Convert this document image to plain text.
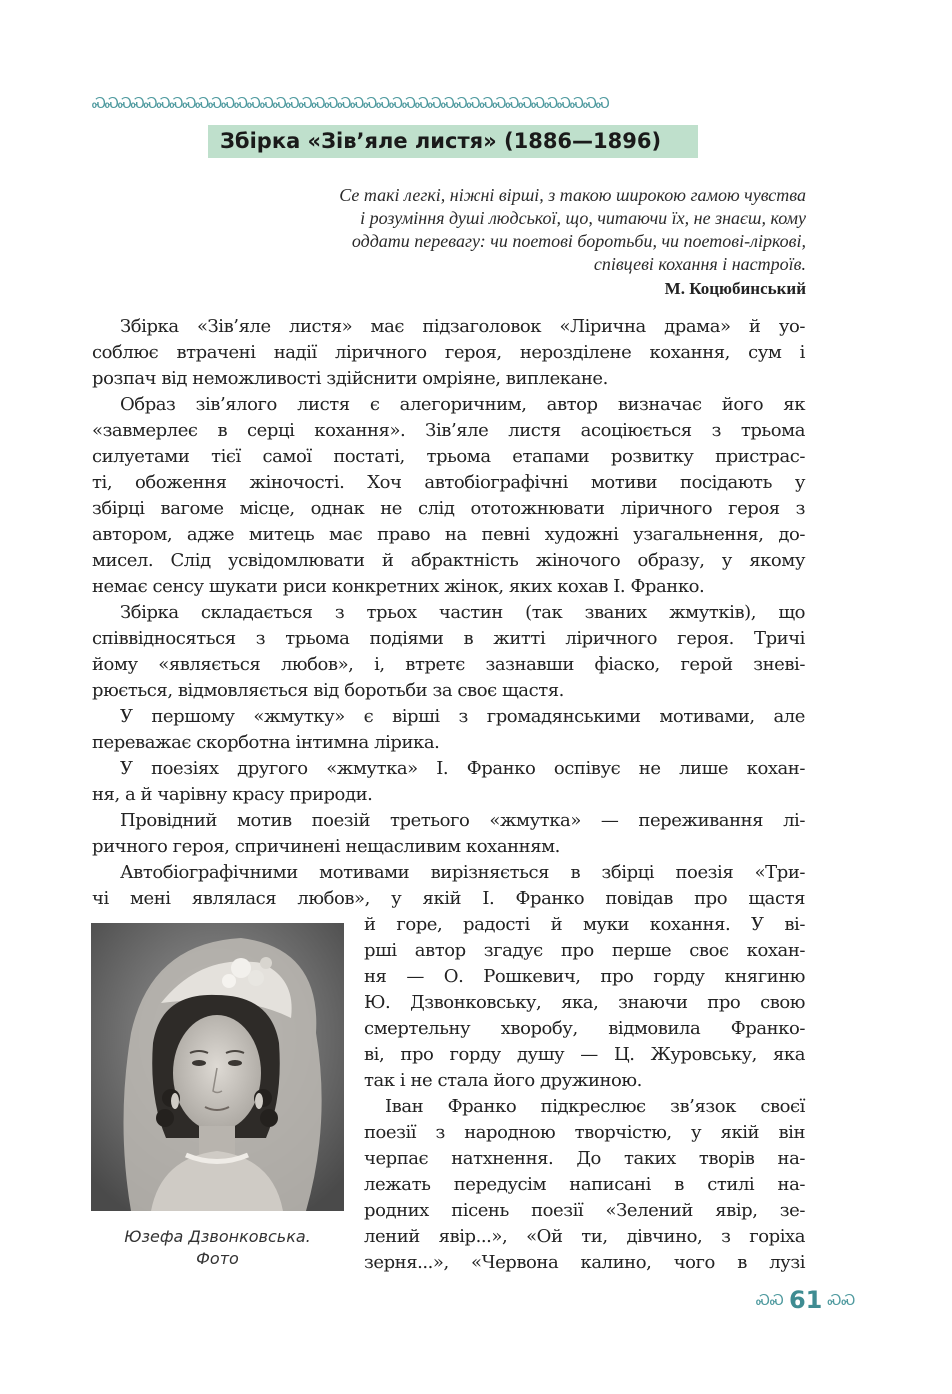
ᏍᏍᏍᏍᏍᏍᏍᏍᏍᏍᏍᏍᏍᏍᏍᏍᏍᏍᏍᏍᏍᏍᏍᏍᏍᏍᏍᏍᏍᏍᏍᏍᏍᏍᏍᏍᏍᏍᏍᏍ
Збірка «Зів’яле листя» (1886—1896)
Се такі легкі, ніжні вірші, з такою широкою гамою чувства
і розуміння душі людської, що, читаючи їх, не знаєш, кому
оддати перевагу: чи поетові боротьби, чи поетові-ліркові,
співцеві кохання і настроїв.
М. Коцюбинський
Збірка «Зів’яле листя» має підзаголовок «Лірична драма» й уо-
соблює втрачені надії ліричного героя, нерозділене кохання, сум і
розпач від неможливості здійснити омріяне, виплекане.
Образ зів’ялого листя є алегоричним, автор визначає його як
«завмерлеє в серці кохання». Зів’яле листя асоціюється з трьома
силуетами тієї самої постаті, трьома етапами розвитку пристрас-
ті, обоження жіночості. Хоч автобіографічні мотиви посідають у
збірці вагоме місце, однак не слід ототожнювати ліричного героя з
автором, адже митець має право на певні художні узагальнення, до-
мисел. Слід усвідомлювати й абрактність жіночого образу, у якому
немає сенсу шукати риси конкретних жінок, яких кохав І. Франко.
Збірка складається з трьох частин (так званих жмутків), що
співвідносяться з трьома подіями в житті ліричного героя. Тричі
йому «являється любов», і, втретє зазнавши фіаско, герой зневі-
рюється, відмовляється від боротьби за своє щастя.
У першому «жмутку» є вірші з громадянськими мотивами, але
переважає скорботна інтимна лірика.
У поезіях другого «жмутка» І. Франко оспівує не лише кохан-
ня, а й чарівну красу природи.
Провідний мотив поезій третього «жмутка» — переживання лі-
ричного героя, спричинені нещасливим коханням.
Автобіографічними мотивами вирізняється в збірці поезія «Три-
чі мені являлася любов», у якій І. Франко повідав про щастя
й горе, радості й муки кохання. У ві-
рші автор згадує про перше своє кохан-
ня — О. Рошкевич, про горду княгиню
Ю. Дзвонковську, яка, знаючи про свою
смертельну хворобу, відмовила Франко-
ві, про горду душу — Ц. Журовську, яка
так і не стала його дружиною.
Іван Франко підкреслює зв’язок своєї
поезії з народною творчістю, у якій він
черпає натхнення. До таких творів на-
лежать передусім написані в стилі на-
родних пісень поезії «Зелений явір, зе-
лений явір...», «Ой ти, дівчино, з горіха
зерня...», «Червона калино, чого в лузі
Юзефа Дзвонковська.
Фото
ᏍᏍ 61 ᏍᏍ
